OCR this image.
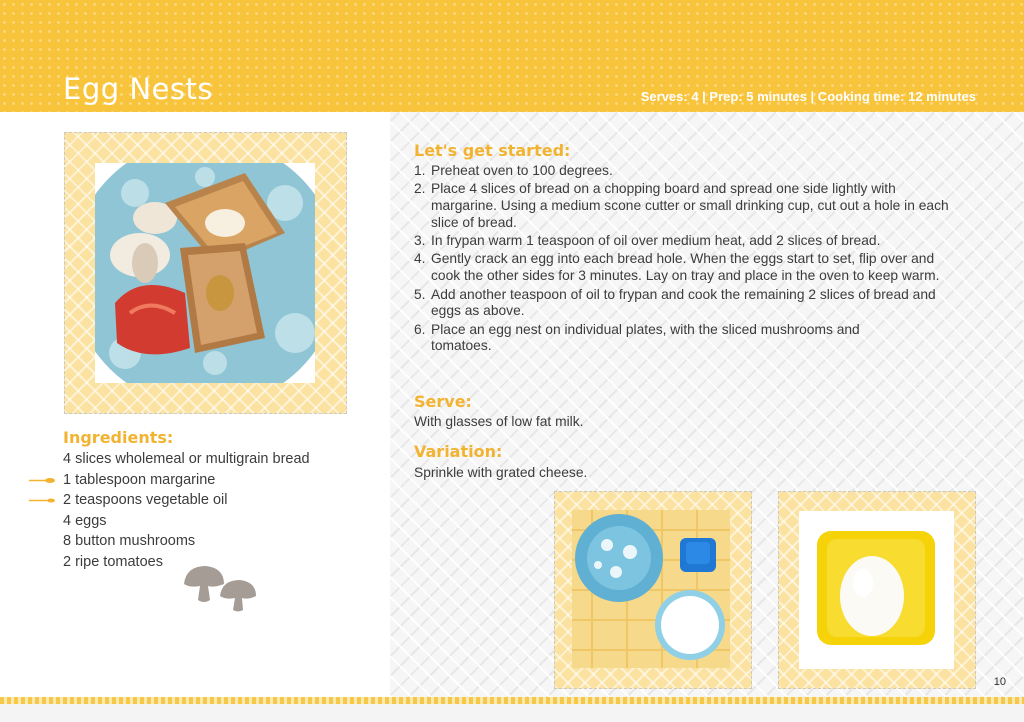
Egg Nests	Serves: 4 | Prep: 5 minutes | Cooking time: 12 minutes
Ingredients:
4 slices wholemeal or multigrain bread
1 tablespoon margarine
2 teaspoons vegetable oil
4 eggs
8 button mushrooms
2 ripe tomatoes
Let's get started:
1. Preheat oven to 100 degrees.
2. Place 4 slices of bread on a chopping board and spread one side lightly with margarine. Using a medium scone cutter or small drinking cup, cut out a hole in each slice of bread.
3. In frypan warm 1 teaspoon of oil over medium heat, add 2 slices of bread.
4. Gently crack an egg into each bread hole. When the eggs start to set, flip over and cook the other sides for 3 minutes. Lay on tray and place in the oven to keep warm.
5. Add another teaspoon of oil to frypan and cook the remaining 2 slices of bread and eggs as above.
6. Place an egg nest on individual plates, with the sliced mushrooms and tomatoes.
Serve:

With glasses of low fat milk.

Variation:

Sprinkle with grated cheese.

10
